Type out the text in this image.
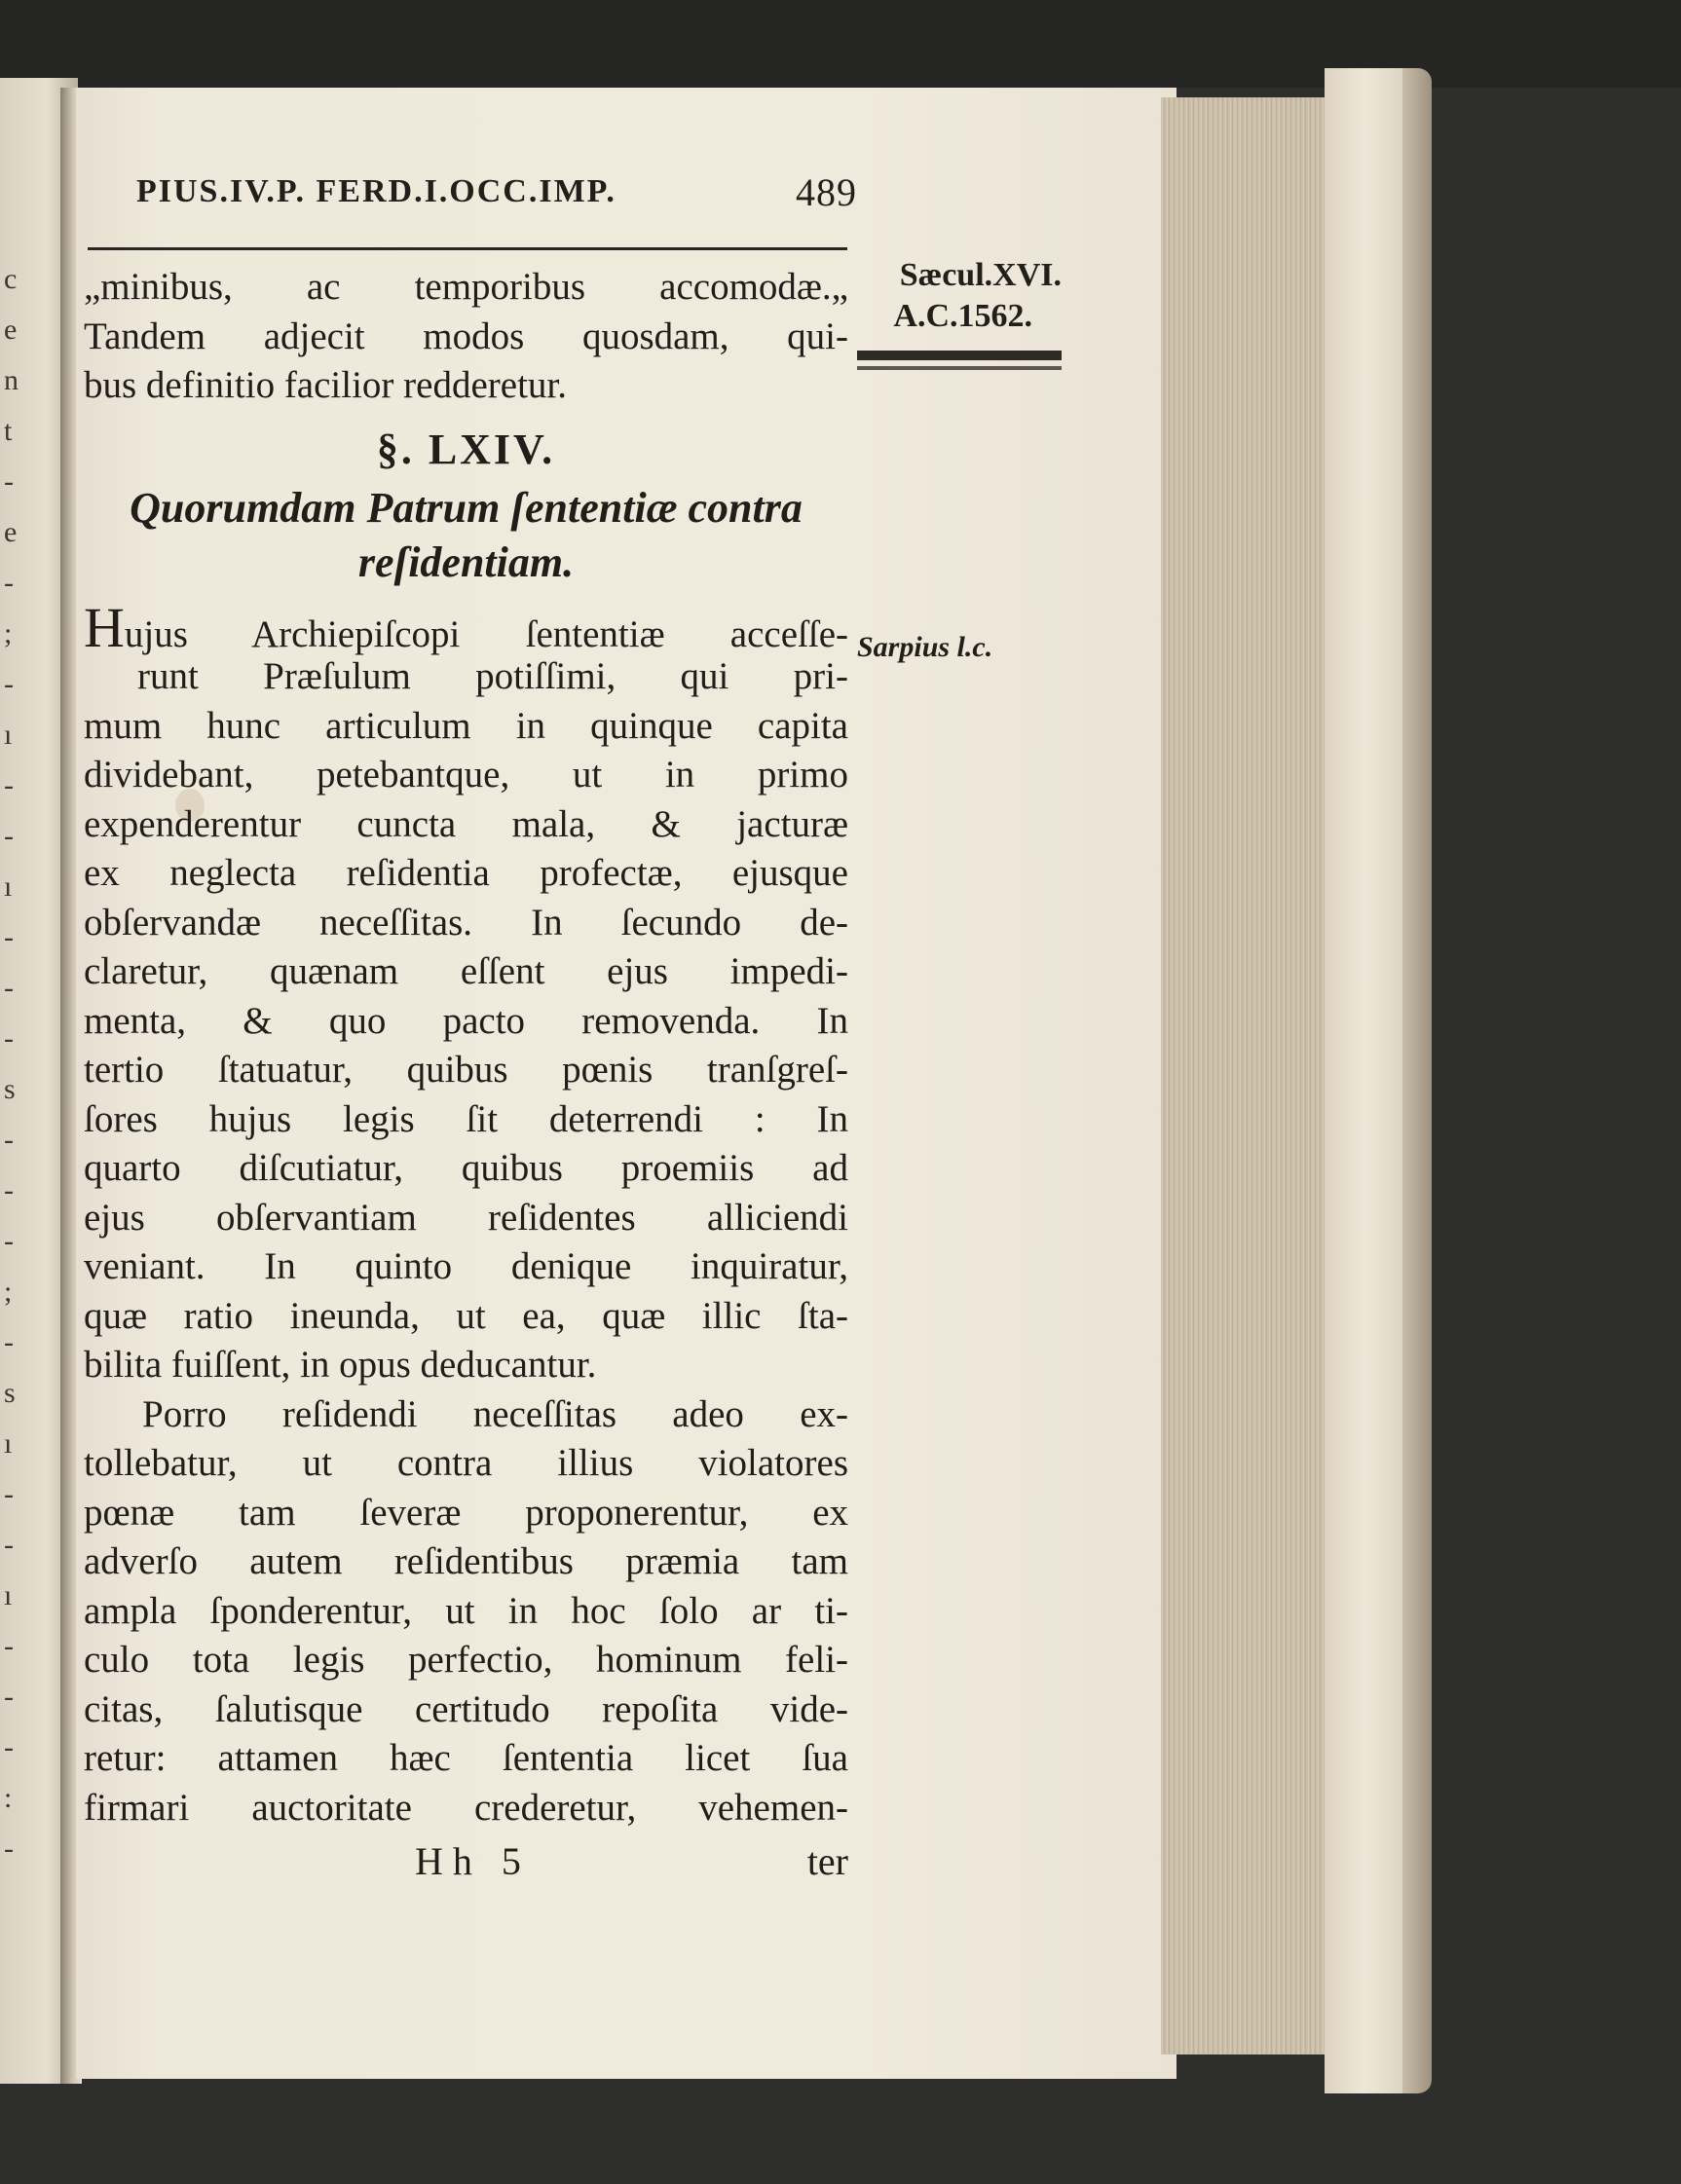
c
e
n
t
-
e
-
;
-
ı
-
-
ı
-
-
-
s
-
-
-
;
-
s
ı
-
-
ı
-
-
-
:
-
PIUS.IV.P. FERD.I.OCC.IMP.	489
Sæcul.XVI.
A.C.1562.
Sarpius l.c.
„minibus, ac temporibus accomodæ.„
Tandem adjecit modos quosdam, qui-
bus definitio facilior redderetur.
§. LXIV.
Quorumdam Patrum ſententiæ contra
reſidentiam.
Hujus Archiepiſcopi ſententiæ acceſſe-
runt Præſulum potiſſimi, qui pri-
mum hunc articulum in quinque capita
dividebant, petebantque, ut in primo
expenderentur cuncta mala, & jacturæ
ex neglecta reſidentia profectæ, ejusque
obſervandæ neceſſitas. In ſecundo de-
claretur, quænam eſſent ejus impedi-
menta, & quo pacto removenda. In
tertio ſtatuatur, quibus pœnis tranſgreſ-
ſores hujus legis ſit deterrendi : In
quarto diſcutiatur, quibus proemiis ad
ejus obſervantiam reſidentes alliciendi
veniant. In quinto denique inquiratur,
quæ ratio ineunda, ut ea, quæ illic ſta-
bilita fuiſſent, in opus deducantur.
Porro reſidendi neceſſitas adeo ex-
tollebatur, ut contra illius violatores
pœnæ tam ſeveræ proponerentur, ex
adverſo autem reſidentibus præmia tam
ampla ſponderentur, ut in hoc ſolo ar ti-
culo tota legis perfectio, hominum feli-
citas, ſalutisque certitudo repoſita vide-
retur: attamen hæc ſententia licet ſua
firmari auctoritate crederetur, vehemen-
Hh 5	ter
